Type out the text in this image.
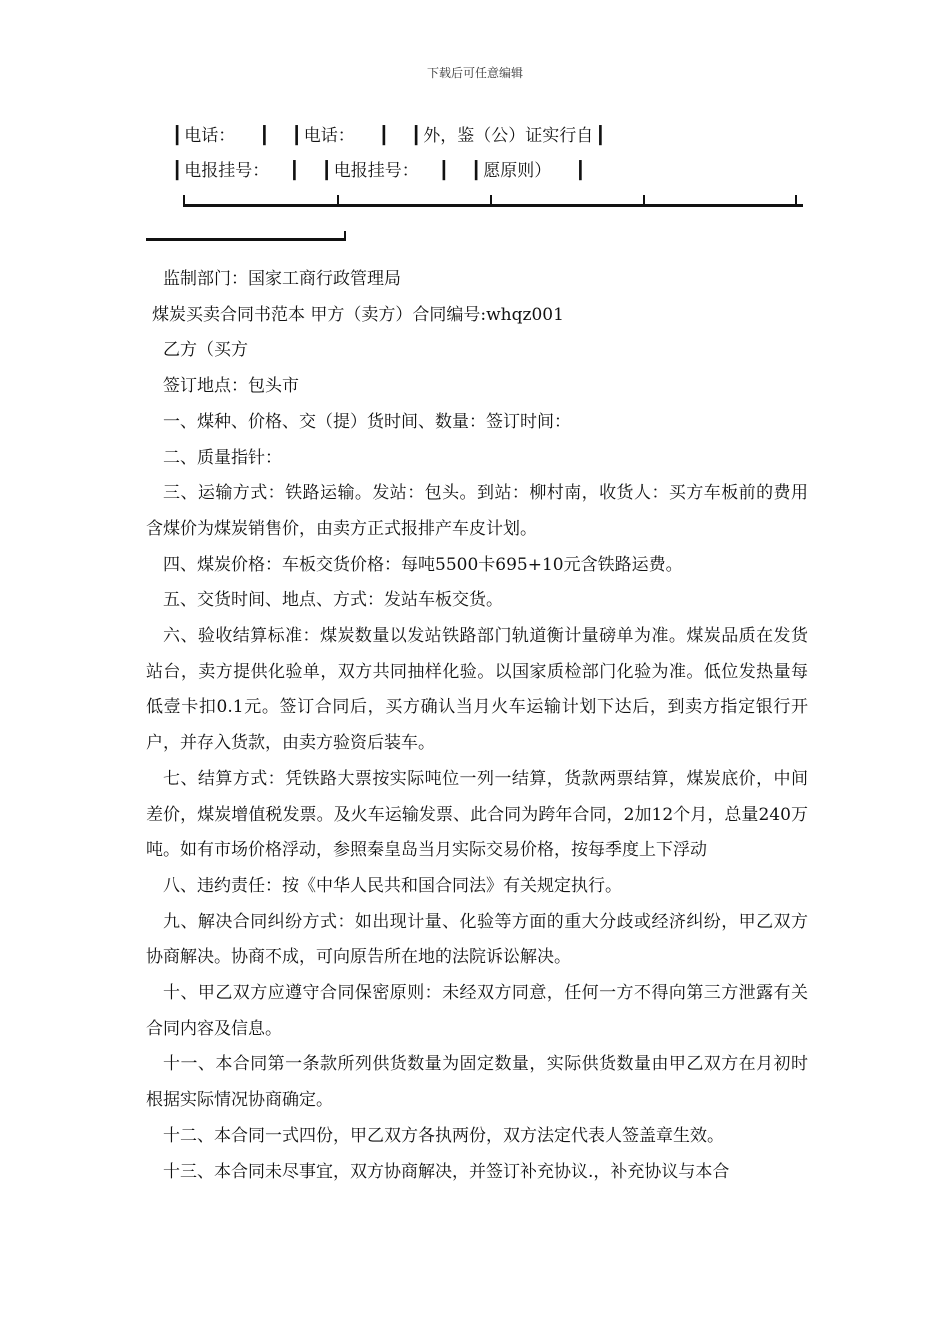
下载后可任意编辑
┃ 电话： ┃ ┃ 电话： ┃ ┃ 外，鉴（公）证实行自 ┃
┃ 电报挂号： ┃ ┃ 电报挂号： ┃ ┃ 愿原则） ┃

监制部门：国家工商行政管理局

煤炭买卖合同书范本 甲方（卖方）合同编号:whqz001

乙方（买方

签订地点：包头市

一、煤种、价格、交（提）货时间、数量：签订时间：

二、质量指针：

三、运输方式：铁路运输。发站：包头。到站：柳村南，收货人：买方车板前的费用含煤价为煤炭销售价，由卖方正式报排产车皮计划。

四、煤炭价格：车板交货价格：每吨5500卡695+10元含铁路运费。

五、交货时间、地点、方式：发站车板交货。

六、验收结算标准：煤炭数量以发站铁路部门轨道衡计量磅单为准。煤炭品质在发货站台，卖方提供化验单，双方共同抽样化验。以国家质检部门化验为准。低位发热量每低壹卡扣0.1元。签订合同后，买方确认当月火车运输计划下达后，到卖方指定银行开户，并存入货款，由卖方验资后装车。

七、结算方式：凭铁路大票按实际吨位一列一结算，货款两票结算，煤炭底价，中间差价，煤炭增值税发票。及火车运输发票、此合同为跨年合同，2加12个月，总量240万吨。如有市场价格浮动，参照秦皇岛当月实际交易价格，按每季度上下浮动

八、违约责任：按《中华人民共和国合同法》有关规定执行。

九、解决合同纠纷方式：如出现计量、化验等方面的重大分歧或经济纠纷，甲乙双方协商解决。协商不成，可向原告所在地的法院诉讼解决。

十、甲乙双方应遵守合同保密原则：未经双方同意，任何一方不得向第三方泄露有关合同内容及信息。

十一、本合同第一条款所列供货数量为固定数量，实际供货数量由甲乙双方在月初时根据实际情况协商确定。

十二、本合同一式四份，甲乙双方各执两份，双方法定代表人签盖章生效。

十三、本合同未尽事宜，双方协商解决，并签订补充协议.，补充协议与本合
